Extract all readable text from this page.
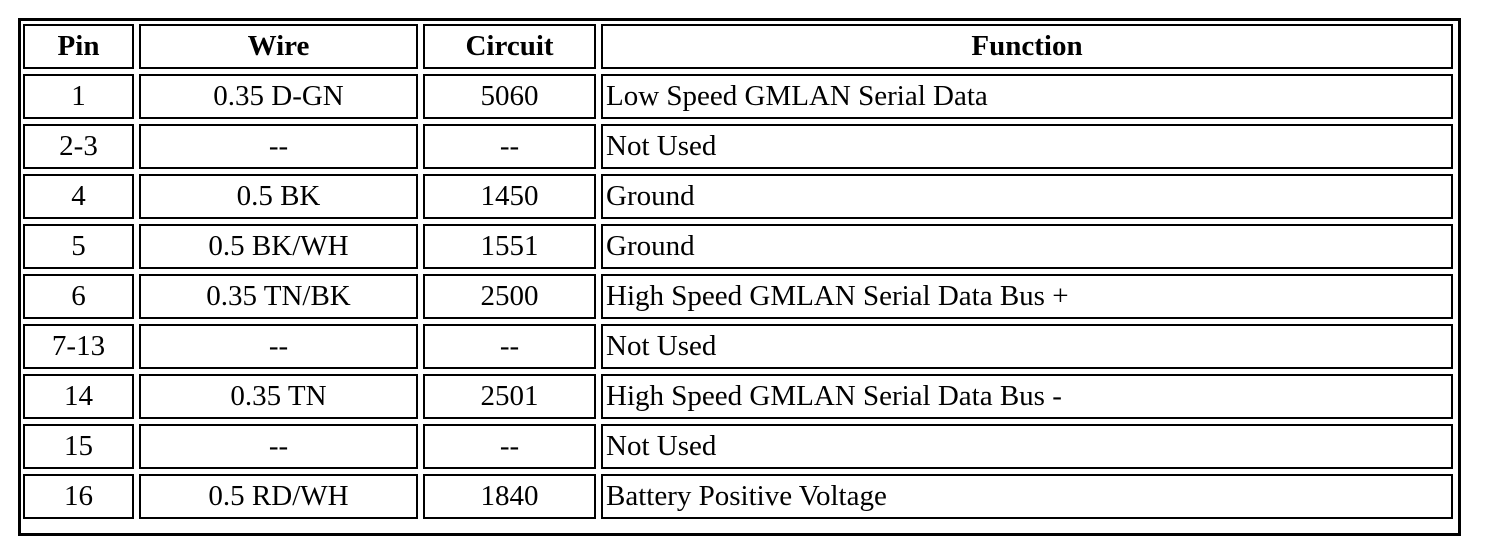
Pin	Wire	Circuit	Function
1	0.35 D-GN	5060	Low Speed GMLAN Serial Data
2-3	--	--	Not Used
4	0.5 BK	1450	Ground
5	0.5 BK/WH	1551	Ground
6	0.35 TN/BK	2500	High Speed GMLAN Serial Data Bus +
7-13	--	--	Not Used
14	0.35 TN	2501	High Speed GMLAN Serial Data Bus -
15	--	--	Not Used
16	0.5 RD/WH	1840	Battery Positive Voltage
